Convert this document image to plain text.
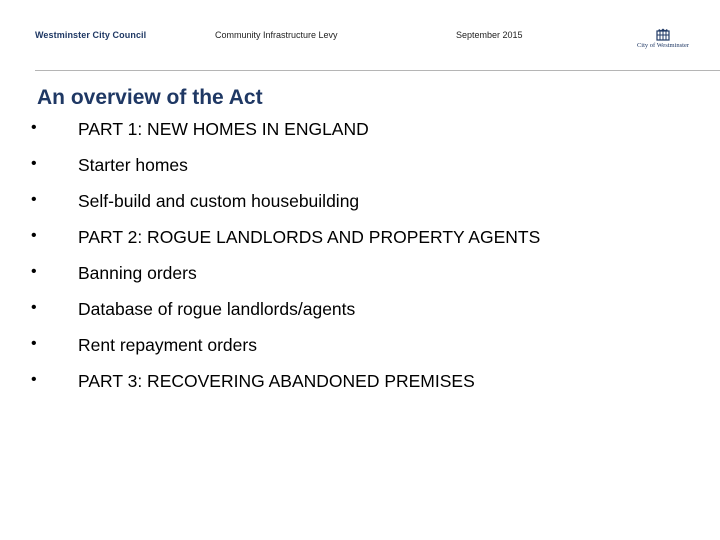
Westminster City Council	Community Infrastructure Levy	September 2015
City of Westminster
An overview of the Act
• PART 1: NEW HOMES IN ENGLAND
• Starter homes
• Self-build and custom housebuilding
• PART 2: ROGUE LANDLORDS AND PROPERTY AGENTS
• Banning orders
• Database of rogue landlords/agents
• Rent repayment orders
• PART 3: RECOVERING ABANDONED PREMISES
